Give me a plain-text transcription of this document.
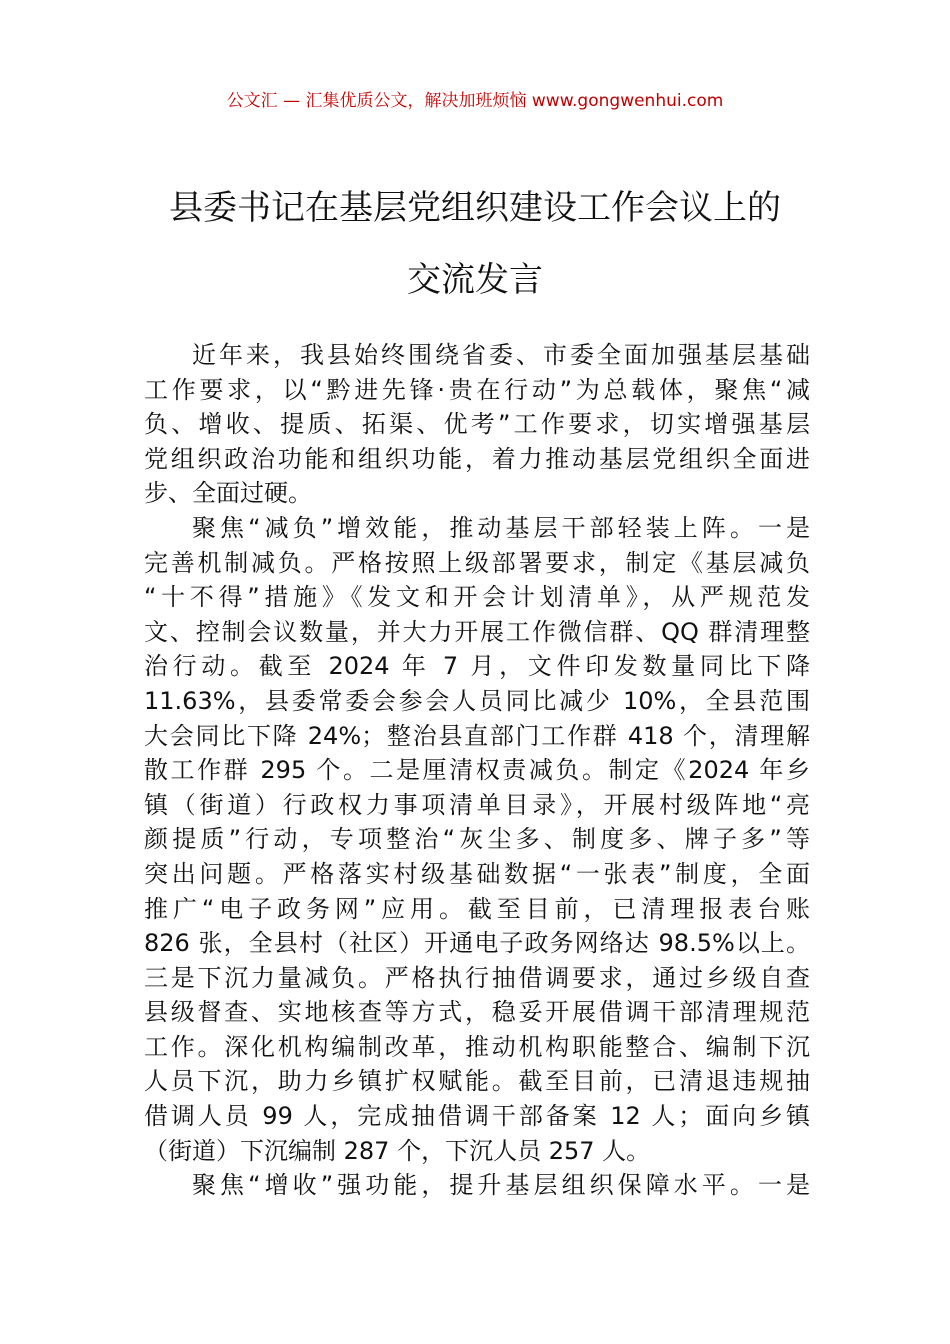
公文汇 — 汇集优质公文，解决加班烦恼 www.gongwenhui.com
县委书记在基层党组织建设工作会议上的
交流发言
近年来，我县始终围绕省委、市委全面加强基层基础
工作要求，以“黔进先锋·贵在行动”为总载体，聚焦“减
负、增收、提质、拓渠、优考”工作要求，切实增强基层
党组织政治功能和组织功能，着力推动基层党组织全面进
步、全面过硬。
聚焦“减负”增效能，推动基层干部轻装上阵。一是
完善机制减负。严格按照上级部署要求，制定《基层减负
“十不得”措施》《发文和开会计划清单》，从严规范发
文、控制会议数量，并大力开展工作微信群、QQ 群清理整
治行动。截至 2024 年 7 月，文件印发数量同比下降
11.63%，县委常委会参会人员同比减少 10%，全县范围
大会同比下降 24%；整治县直部门工作群 418 个，清理解
散工作群 295 个。二是厘清权责减负。制定《2024 年乡
镇（街道）行政权力事项清单目录》，开展村级阵地“亮
颜提质”行动，专项整治“灰尘多、制度多、牌子多”等
突出问题。严格落实村级基础数据“一张表”制度，全面
推广“电子政务网”应用。截至目前，已清理报表台账
826 张，全县村（社区）开通电子政务网络达 98.5%以上。
三是下沉力量减负。严格执行抽借调要求，通过乡级自查
县级督查、实地核查等方式，稳妥开展借调干部清理规范
工作。深化机构编制改革，推动机构职能整合、编制下沉
人员下沉，助力乡镇扩权赋能。截至目前，已清退违规抽
借调人员 99 人，完成抽借调干部备案 12 人；面向乡镇
（街道）下沉编制 287 个，下沉人员 257 人。
聚焦“增收”强功能，提升基层组织保障水平。一是
